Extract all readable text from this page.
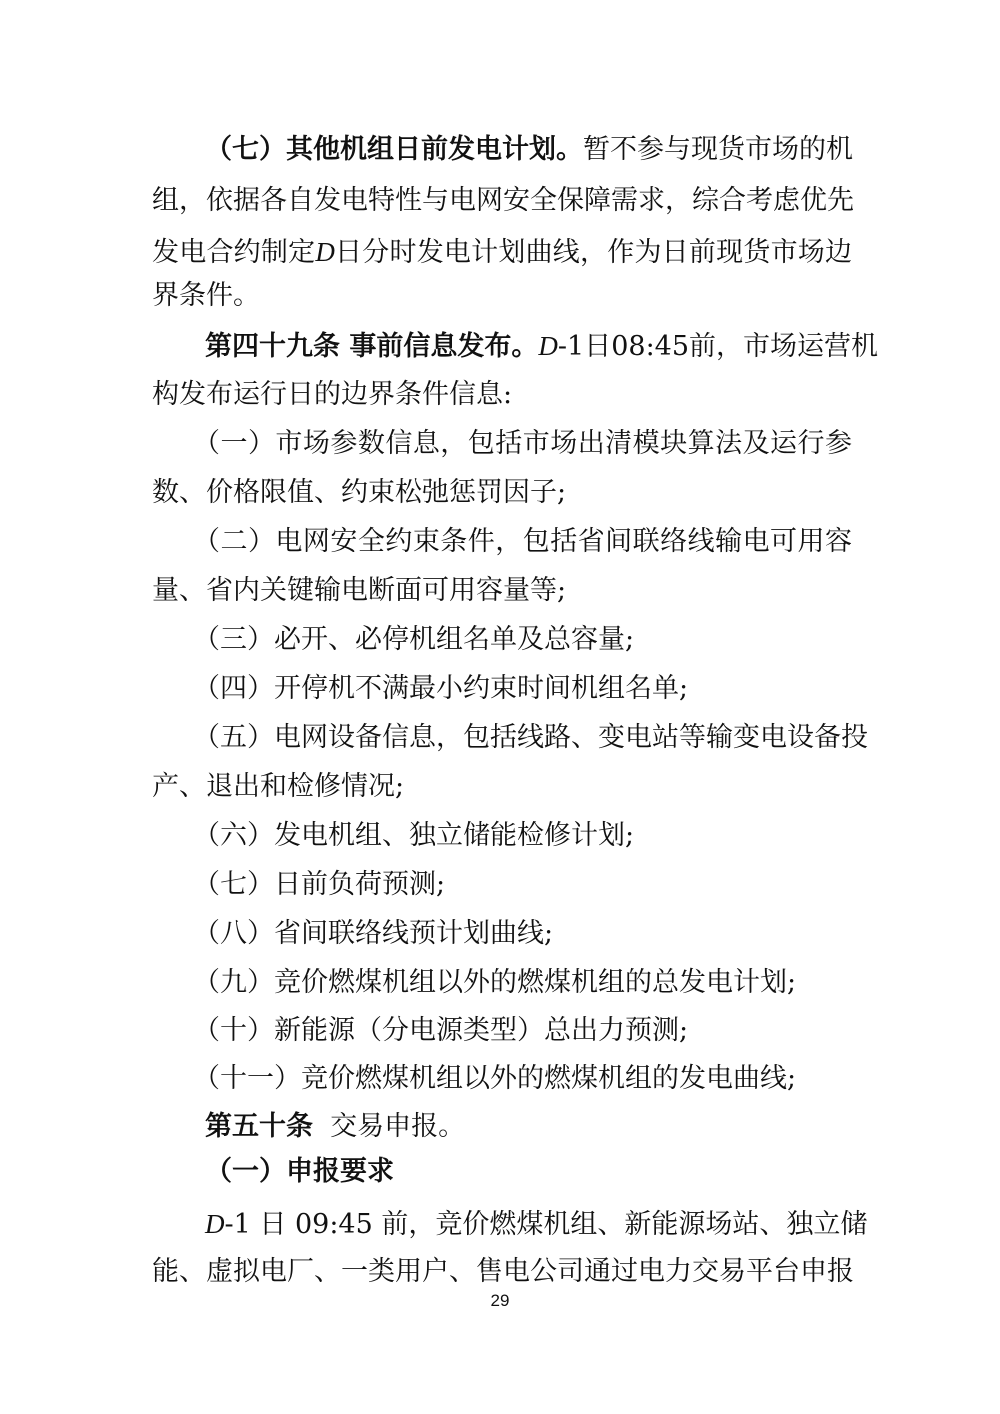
（七）其他机组日前发电计划。暂不参与现货市场的机
组，依据各自发电特性与电网安全保障需求，综合考虑优先
发电合约制定D日分时发电计划曲线，作为日前现货市场边
界条件。
第四十九条 事前信息发布。D-1日08:45前，市场运营机
构发布运行日的边界条件信息:
（一）市场参数信息，包括市场出清模块算法及运行参
数、价格限值、约束松弛惩罚因子;
（二）电网安全约束条件，包括省间联络线输电可用容
量、省内关键输电断面可用容量等;
（三）必开、必停机组名单及总容量;
（四）开停机不满最小约束时间机组名单;
（五）电网设备信息，包括线路、变电站等输变电设备投
产、退出和检修情况;
（六）发电机组、独立储能检修计划;
（七）日前负荷预测;
（八）省间联络线预计划曲线;
（九）竞价燃煤机组以外的燃煤机组的总发电计划;
（十）新能源（分电源类型）总出力预测;
（十一）竞价燃煤机组以外的燃煤机组的发电曲线;
第五十条 交易申报。
（一）申报要求
D-1 日 09:45 前，竞价燃煤机组、新能源场站、独立储
能、虚拟电厂、一类用户、售电公司通过电力交易平台申报
29
